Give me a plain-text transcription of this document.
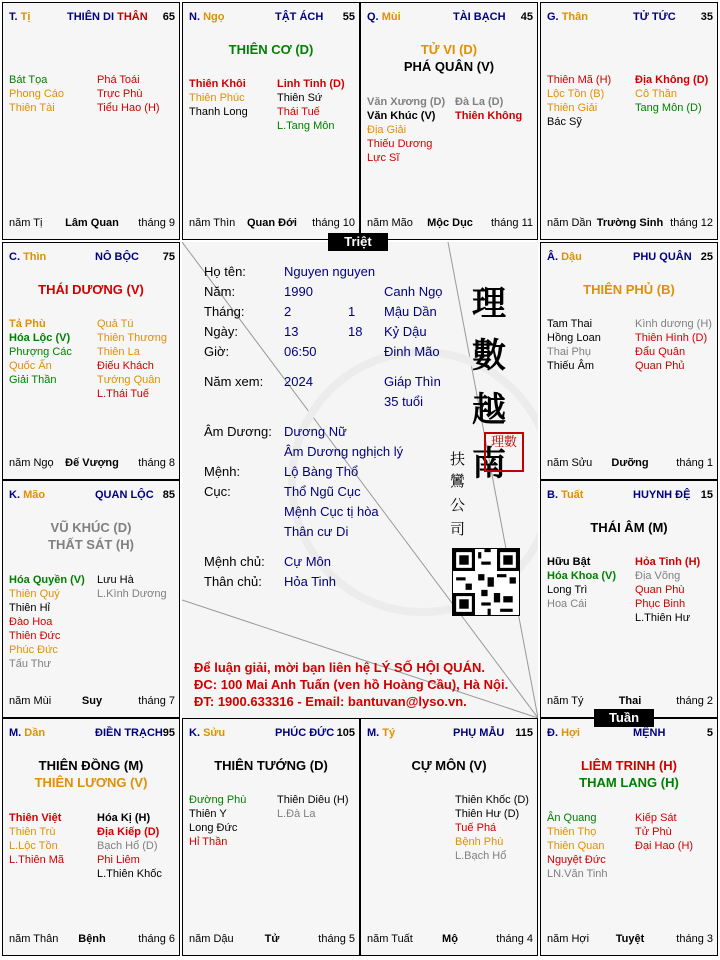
T. Tị	THIÊN DI THÂN 65
Bát Tọa
Phong Cáo
Thiên Tài
Phá Toái
Trực Phù
Tiểu Hao (H)
năm Tị	Lâm Quan	tháng 9
N. Ngọ	TẬT ÁCH 55
THIÊN CƠ (D)
Thiên Khôi
Thiên Phúc
Thanh Long
Linh Tinh (D)
Thiên Sứ
Thái Tuế
L.Tang Môn
năm Thìn	Quan Đới	tháng 10
Q. Mùi	TÀI BẠCH 45
TỬ VI (D)
PHÁ QUÂN (V)
Văn Xương (D)
Văn Khúc (V)
Địa Giải
Thiếu Dương
Lực Sĩ
Đà La (D)
Thiên Không
năm Mão	Mộc Dục	tháng 11
G. Thân	TỬ TỨC 35
Thiên Mã (H)
Lộc Tồn (B)
Thiên Giải
Bác Sỹ
Địa Không (D)
Cô Thần
Tang Môn (D)
năm Dần Trường Sinh tháng 12
C. Thìn	NÔ BỘC 75
THÁI DƯƠNG (V)
Tả Phù
Hóa Lộc (V)
Phượng Các
Quốc Ấn
Giải Thần
Quả Tú
Thiên Thương
Thiên La
Điếu Khách
Tướng Quân
L.Thái Tuế
năm Ngọ	Đế Vượng	tháng 8
Â. Dậu	PHU QUÂN 25
THIÊN PHỦ (B)
Tam Thai
Hồng Loan
Thai Phụ
Thiếu Âm
Kình dương (H)
Thiên Hình (D)
Đẩu Quân
Quan Phủ
năm Sửu	Dưỡng	tháng 1
K. Mão	QUAN LỘC 85
VŨ KHÚC (D)
THẤT SÁT (H)
Hóa Quyền (V)
Thiên Quý
Thiên Hỉ
Đào Hoa
Thiên Đức
Phúc Đức
Tấu Thư
Lưu Hà
L.Kình Dương
năm Mùi	Suy	tháng 7
B. Tuất	HUYNH ĐỆ 15
THÁI ÂM (M)
Hữu Bật
Hóa Khoa (V)
Long Trì
Hoa Cái
Hỏa Tinh (H)
Địa Võng
Quan Phù
Phục Binh
L.Thiên Hư
năm Tý	Thai	tháng 2
M. Dần	ĐIỀN TRẠCH 95
THIÊN ĐỒNG (M)
THIÊN LƯƠNG (V)
Thiên Việt
Thiên Trù
L.Lộc Tồn
L.Thiên Mã
Hóa Kị (H)
Địa Kiếp (D)
Bạch Hổ (D)
Phi Liêm
L.Thiên Khốc
năm Thân	Bệnh	tháng 6
K. Sửu	PHÚC ĐỨC 105
THIÊN TƯỚNG (D)
Đường Phù
Thiên Y
Long Đức
Hỉ Thần
Thiên Diêu (H)
L.Đà La
năm Dậu	Tử	tháng 5
M. Tý	PHỤ MẪU 115
CỰ MÔN (V)
Thiên Khốc (D)
Thiên Hư (D)
Tuế Phá
Bệnh Phù
L.Bạch Hổ
năm Tuất	Mộ	tháng 4
Đ. Hợi	MỆNH	5
LIÊM TRINH (H)
THAM LANG (H)
Ân Quang
Thiên Thọ
Thiên Quan
Nguyệt Đức
LN.Văn Tinh
Kiếp Sát
Tử Phù
Đại Hao (H)
năm Hợi	Tuyệt	tháng 3
Họ tên:	Nguyen nguyen
Năm:	1990	Canh Ngọ
Tháng:	2	1 Mậu Dần
Ngày:	13	18 Kỷ Dậu
Giờ:	06:50	Đinh Mão
Năm xem: 2024	Giáp Thìn
35 tuổi
Âm Dương: Dương Nữ
Âm Dương nghịch lý
Mệnh:	Lộ Bàng Thổ
Cục:	Thổ Ngũ Cục
Mệnh Cục tị hòa
Thân cư Di
Mệnh chủ: Cự Môn
Thân chủ: Hỏa Tinh
理
數
越
南
扶
鸞
公
司
理數
Để luận giải, mời bạn liên hệ LÝ SỐ HỘI QUÁN.
ĐC: 100 Mai Anh Tuấn (ven hồ Hoàng Cầu), Hà Nội.
ĐT: 1900.633316 - Email: bantuvan@lyso.vn.
Triệt
Tuần
